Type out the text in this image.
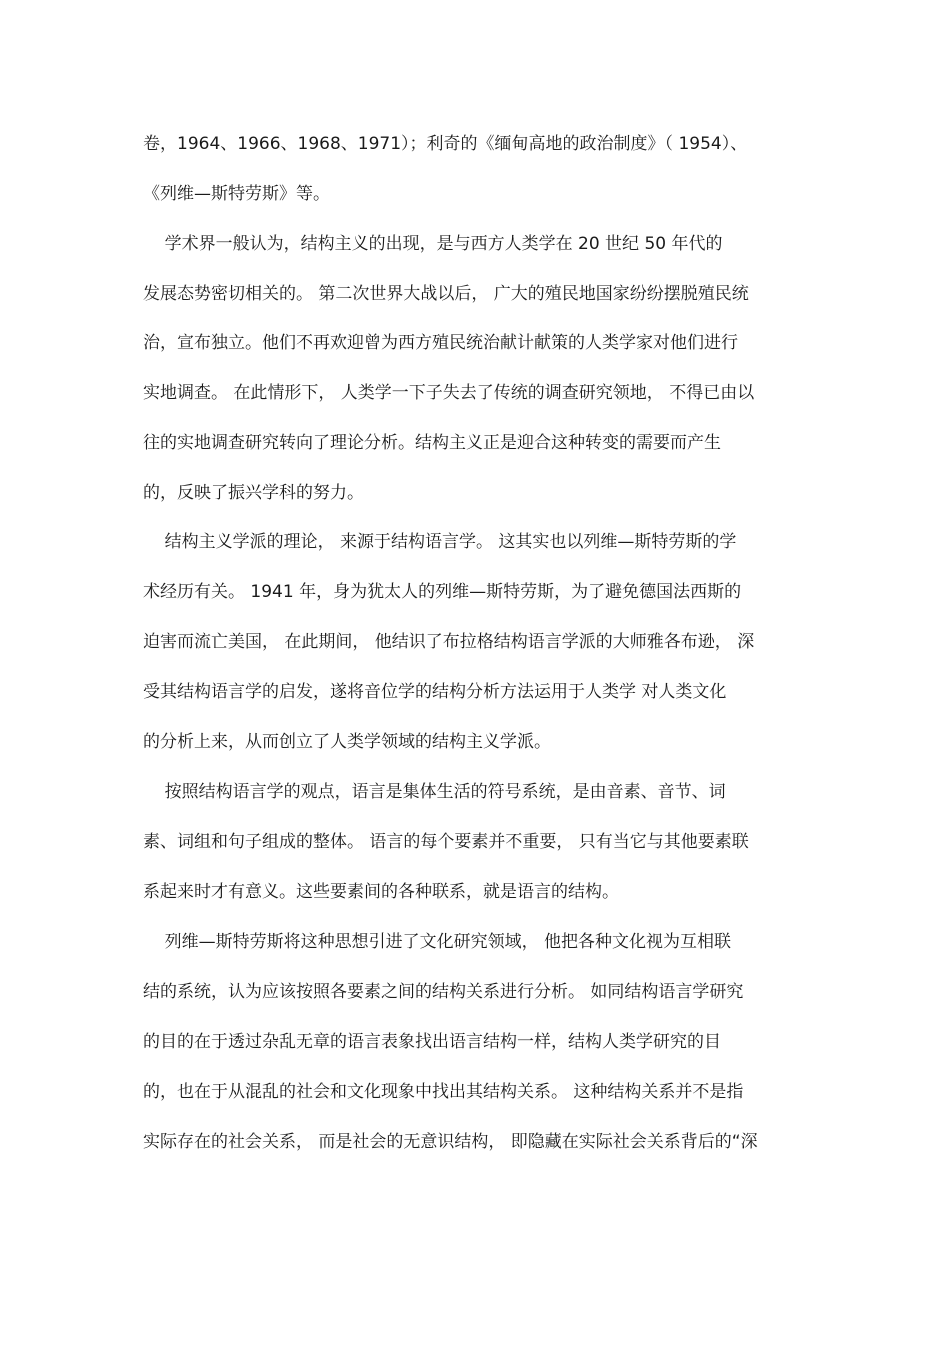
卷，1964、1966、1968、1971）；利奇的《缅甸高地的政治制度》（ 1954）、
《列维—斯特劳斯》等。
学术界一般认为，结构主义的出现，是与西方人类学在 20 世纪 50 年代的
发展态势密切相关的。 第二次世界大战以后， 广大的殖民地国家纷纷摆脱殖民统
治，宣布独立。他们不再欢迎曾为西方殖民统治献计献策的人类学家对他们进行
实地调查。 在此情形下， 人类学一下子失去了传统的调查研究领地， 不得已由以
往的实地调查研究转向了理论分析。结构主义正是迎合这种转变的需要而产生
的，反映了振兴学科的努力。
结构主义学派的理论， 来源于结构语言学。 这其实也以列维—斯特劳斯的学
术经历有关。 1941 年，身为犹太人的列维—斯特劳斯，为了避免德国法西斯的
迫害而流亡美国， 在此期间， 他结识了布拉格结构语言学派的大师雅各布逊， 深
受其结构语言学的启发，遂将音位学的结构分析方法运用于人类学 对人类文化
的分析上来，从而创立了人类学领域的结构主义学派。
按照结构语言学的观点，语言是集体生活的符号系统，是由音素、音节、词
素、词组和句子组成的整体。 语言的每个要素并不重要， 只有当它与其他要素联
系起来时才有意义。这些要素间的各种联系，就是语言的结构。
列维—斯特劳斯将这种思想引进了文化研究领域， 他把各种文化视为互相联
结的系统，认为应该按照各要素之间的结构关系进行分析。 如同结构语言学研究
的目的在于透过杂乱无章的语言表象找出语言结构一样，结构人类学研究的目
的，也在于从混乱的社会和文化现象中找出其结构关系。 这种结构关系并不是指
实际存在的社会关系， 而是社会的无意识结构， 即隐藏在实际社会关系背后的“深
